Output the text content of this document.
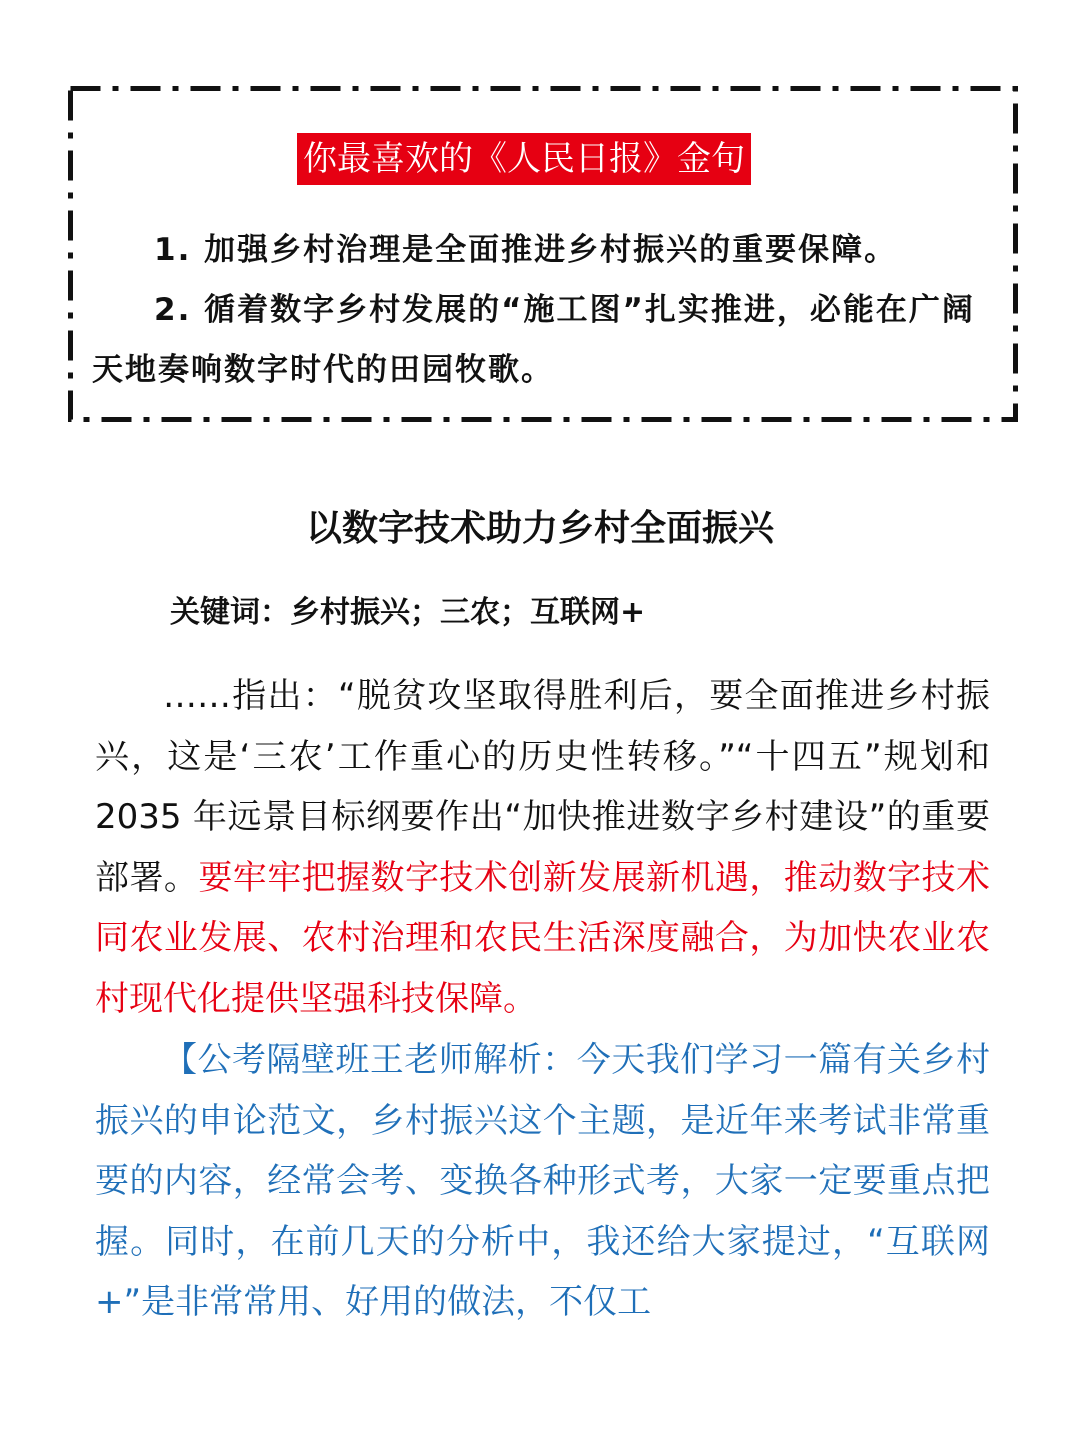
你最喜欢的《人民日报》金句

1. 加强乡村治理是全面推进乡村振兴的重要保障。

2. 循着数字乡村发展的“施工图”扎实推进，必能在广阔天地奏响数字时代的田园牧歌。

以数字技术助力乡村全面振兴
关键词：乡村振兴；三农；互联网+

……指出：“脱贫攻坚取得胜利后，要全面推进乡村振兴，这是‘三农’工作重心的历史性转移。”“十四五”规划和 2035 年远景目标纲要作出“加快推进数字乡村建设”的重要部署。要牢牢把握数字技术创新发展新机遇，推动数字技术同农业发展、农村治理和农民生活深度融合，为加快农业农村现代化提供坚强科技保障。

【公考隔壁班王老师解析：今天我们学习一篇有关乡村振兴的申论范文，乡村振兴这个主题，是近年来考试非常重要的内容，经常会考、变换各种形式考，大家一定要重点把握。同时，在前几天的分析中，我还给大家提过，“互联网+”是非常常用、好用的做法，不仅工
